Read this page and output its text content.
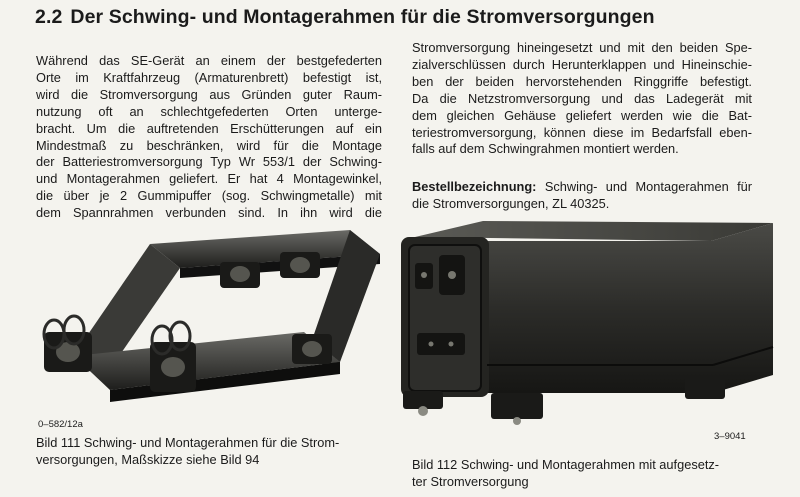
2.2 Der Schwing- und Montagerahmen für die Stromversorgungen

Während das SE-Gerät an einem der bestgefederten
Orte im Kraftfahrzeug (Armaturenbrett) befestigt ist,
wird die Stromversorgung aus Gründen guter Raum-
nutzung oft an schlechtgefederten Orten unterge-
bracht. Um die auftretenden Erschütterungen auf ein
Mindestmaß zu beschränken, wird für die Montage
der Batteriestromversorgung Typ Wr 553/1 der Schwing-
und Montagerahmen geliefert. Er hat 4 Montagewinkel,
die über je 2 Gummipuffer (sog. Schwingmetalle) mit
dem Spannrahmen verbunden sind. In ihn wird die

Stromversorgung hineingesetzt und mit den beiden Spe-
zialverschlüssen durch Herunterklappen und Hineinschie-
ben der beiden hervorstehenden Ringgriffe befestigt.
Da die Netzstromversorgung und das Ladegerät mit
dem gleichen Gehäuse geliefert werden wie die Bat-
teriestromversorgung, können diese im Bedarfsfall eben-
falls auf dem Schwingrahmen montiert werden.

Bestellbezeichnung: Schwing- und Montagerahmen für
die Stromversorgungen, ZL 40325.

0–582/12a
3–9041
Bild 111 Schwing- und Montagerahmen für die Strom-
versorgungen, Maßskizze siehe Bild 94	Bild 112 Schwing- und Montagerahmen mit aufgesetz-
ter Stromversorgung
